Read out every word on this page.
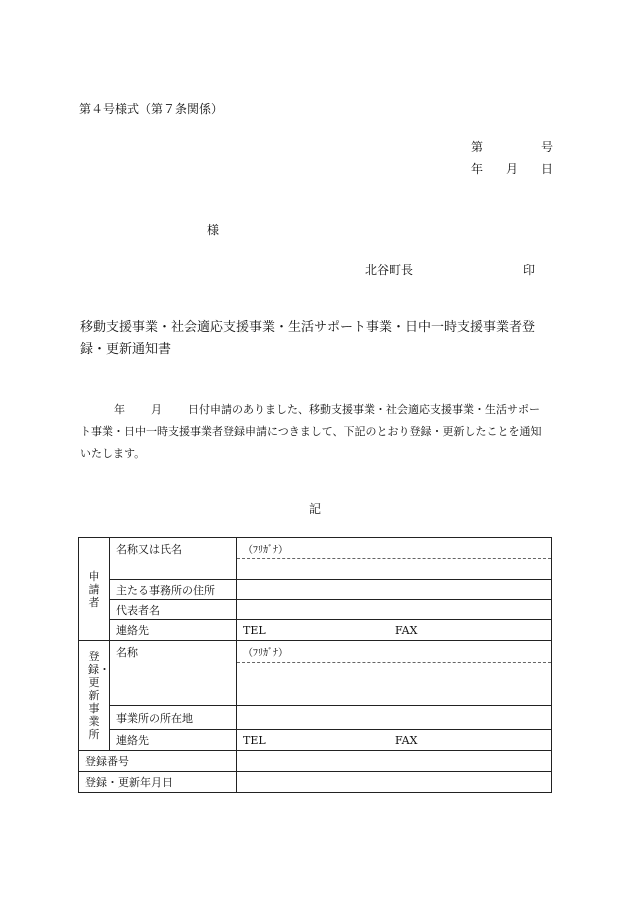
第４号様式（第７条関係）
第	号
年 月 日
様
北谷町長	印
移動支援事業・社会適応支援事業・生活サポート事業・日中一時支援事業者登録・更新通知書
年 月 日付申請のありました、移動支援事業・社会適応支援事業・生活サポート事業・日中一時支援事業者登録申請につきまして、下記のとおり登録・更新したことを通知いたします。
記
申請者	名称又は氏名	（ﾌﾘｶﾞﾅ）

	主たる事務所の住所	
	代表者名	
	連絡先	TEL FAX
登録・更新事業所	名称	（ﾌﾘｶﾞﾅ）

	事業所の所在地	
	連絡先	TEL FAX
登録番号		
登録・更新年月日		
